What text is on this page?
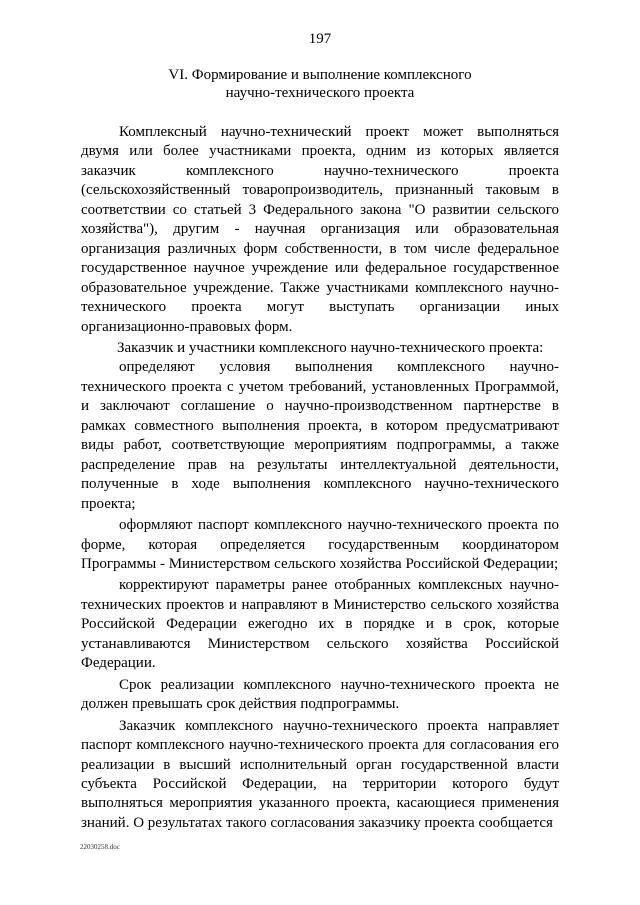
197
VI. Формирование и выполнение комплексного
научно-технического проекта

Комплексный научно-технический проект может выполняться двумя или более участниками проекта, одним из которых является заказчик комплексного научно-технического проекта (сельскохозяйственный товаропроизводитель, признанный таковым в соответствии со статьей 3 Федерального закона "О развитии сельского хозяйства"), другим - научная организация или образовательная организация различных форм собственности, в том числе федеральное государственное научное учреждение или федеральное государственное образовательное учреждение. Также участниками комплексного научно-технического проекта могут выступать организации иных организационно-правовых форм.

Заказчик и участники комплексного научно-технического проекта:

определяют условия выполнения комплексного научно-технического проекта с учетом требований, установленных Программой, и заключают соглашение о научно-производственном партнерстве в рамках совместного выполнения проекта, в котором предусматривают виды работ, соответствующие мероприятиям подпрограммы, а также распределение прав на результаты интеллектуальной деятельности, полученные в ходе выполнения комплексного научно-технического проекта;

оформляют паспорт комплексного научно-технического проекта по форме, которая определяется государственным координатором Программы - Министерством сельского хозяйства Российской Федерации;

корректируют параметры ранее отобранных комплексных научно-технических проектов и направляют в Министерство сельского хозяйства Российской Федерации ежегодно их в порядке и в срок, которые устанавливаются Министерством сельского хозяйства Российской Федерации.

Срок реализации комплексного научно-технического проекта не должен превышать срок действия подпрограммы.

Заказчик комплексного научно-технического проекта направляет паспорт комплексного научно-технического проекта для согласования его реализации в высший исполнительный орган государственной власти субъекта Российской Федерации, на территории которого будут выполняться мероприятия указанного проекта, касающиеся применения знаний. О результатах такого согласования заказчику проекта сообщается

22030258.doc
